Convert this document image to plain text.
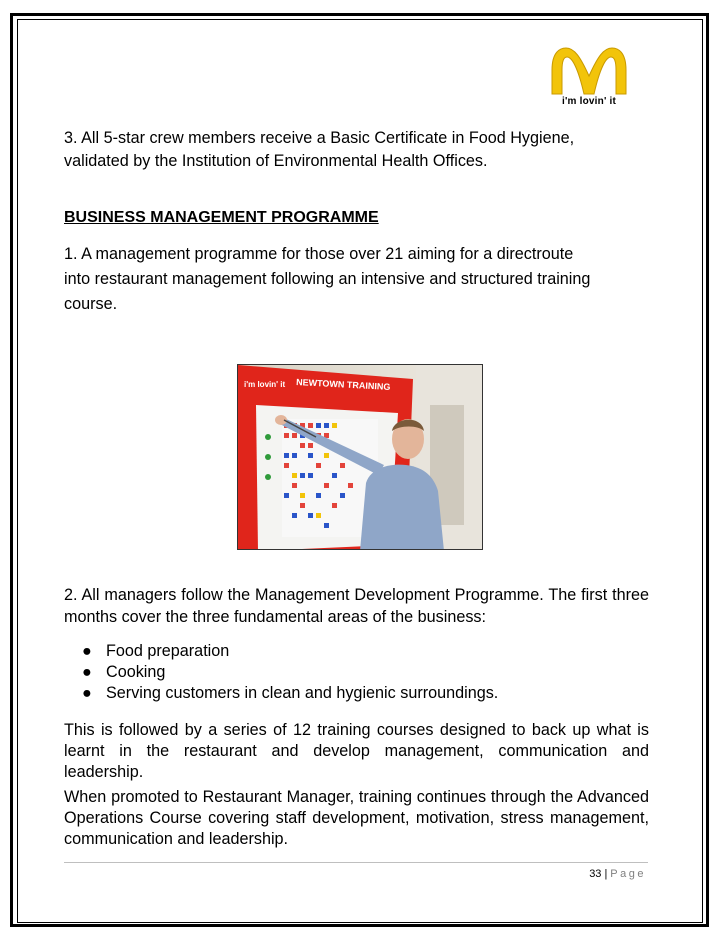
i'm lovin' it

3. All 5-star crew members receive a Basic Certificate in Food Hygiene,
validated by the Institution of Environmental Health Offices.

BUSINESS MANAGEMENT PROGRAMME

1. A management programme for those over 21 aiming for a directroute
into restaurant management following an intensive and structured training
course.

i'm lovin' it NEWTOWN TRAINING

2. All managers follow the Management Development Programme. The first three months cover the three fundamental areas of the business:

● Food preparation
● Cooking
● Serving customers in clean and hygienic surroundings.

This is followed by a series of 12 training courses designed to back up what is learnt in the restaurant and develop management, communication and leadership.

When promoted to Restaurant Manager, training continues through the Advanced Operations Course covering staff development, motivation, stress management, communication and leadership.

33 | Page
